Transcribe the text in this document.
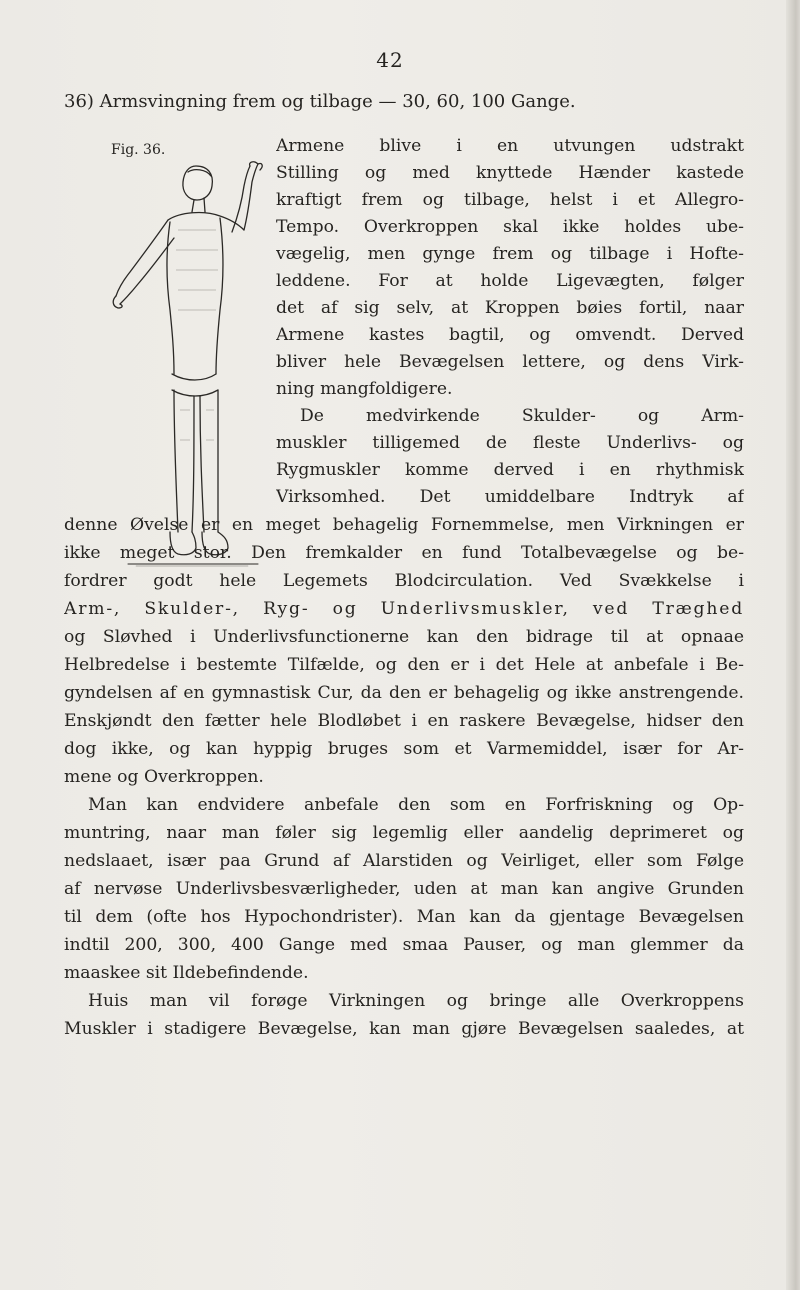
42
36) Armsvingning frem og tilbage — 30, 60, 100 Gange.
Fig. 36.	Armene blive i en utvungen udstrakt
Stilling og med knyttede Hænder kastede
kraftigt frem og tilbage, helst i et Allegro-
Tempo. Overkroppen skal ikke holdes ube-
vægelig, men gynge frem og tilbage i Hofte-
leddene. For at holde Ligevægten, følger
det af sig selv, at Kroppen bøies fortil, naar
Armene kastes bagtil, og omvendt. Derved
bliver hele Bevægelsen lettere, og dens Virk-
ning mangfoldigere.
De medvirkende Skulder- og Arm-
muskler tilligemed de fleste Underlivs- og
Rygmuskler komme derved i en rhythmisk
Virksomhed. Det umiddelbare Indtryk af
denne Øvelse er en meget behagelig Fornemmelse, men Virkningen er
ikke meget stor. Den fremkalder en fund Totalbevægelse og be-
fordrer godt hele Legemets Blodcirculation. Ved Svækkelse i
Arm-, Skulder-, Ryg- og Underlivsmuskler, ved Træghed
og Sløvhed i Underlivsfunctionerne kan den bidrage til at opnaae
Helbredelse i bestemte Tilfælde, og den er i det Hele at anbefale i Be-
gyndelsen af en gymnastisk Cur, da den er behagelig og ikke anstrengende.
Enskjøndt den fætter hele Blodløbet i en raskere Bevægelse, hidser den
dog ikke, og kan hyppig bruges som et Varmemiddel, især for Ar-
mene og Overkroppen.
Man kan endvidere anbefale den som en Forfriskning og Op-
muntring, naar man føler sig legemlig eller aandelig deprimeret og
nedslaaet, især paa Grund af Alarstiden og Veirliget, eller som Følge
af nervøse Underlivsbesværligheder, uden at man kan angive Grunden
til dem (ofte hos Hypochondrister). Man kan da gjentage Bevægelsen
indtil 200, 300, 400 Gange med smaa Pauser, og man glemmer da
maaskee sit Ildebefindende.
Huis man vil forøge Virkningen og bringe alle Overkroppens
Muskler i stadigere Bevægelse, kan man gjøre Bevægelsen saaledes, at
